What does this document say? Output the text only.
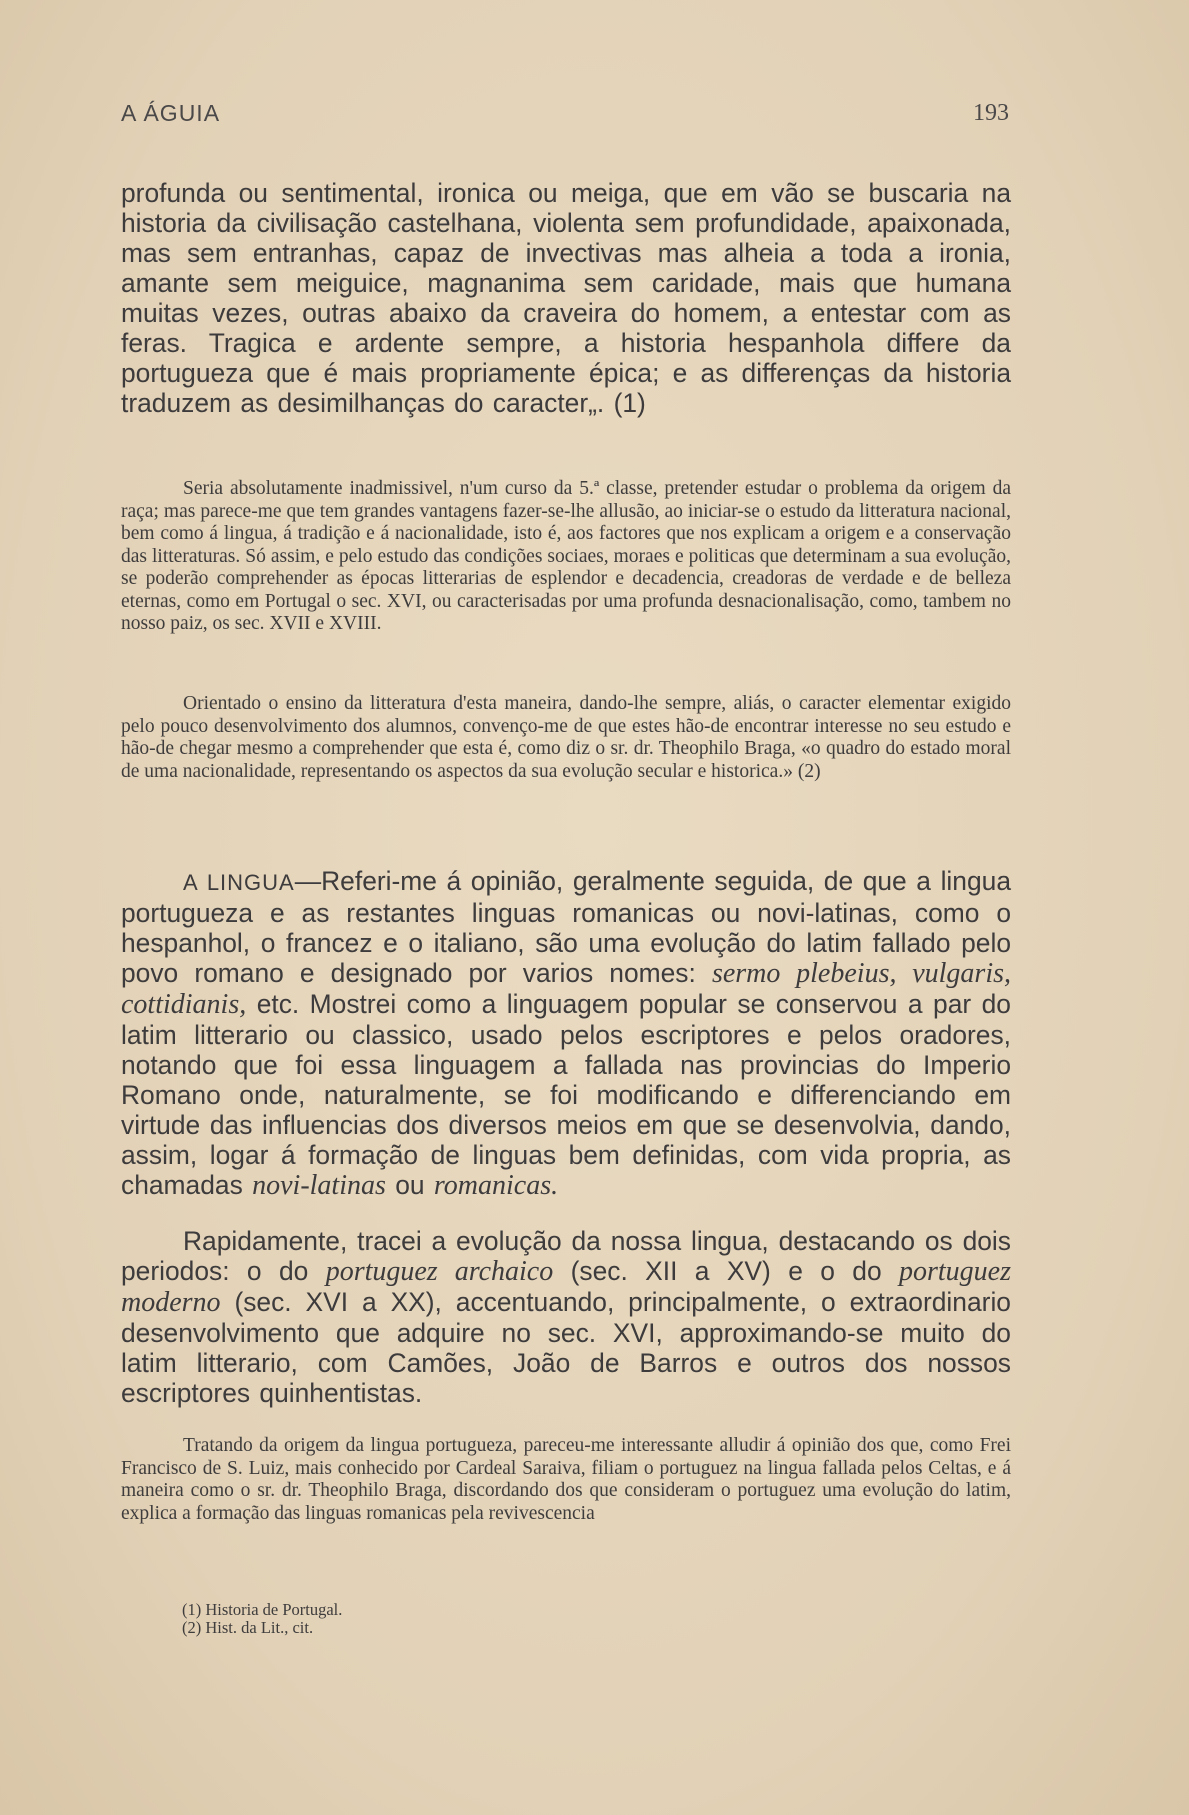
A ÁGUIA	193

profunda ou sentimental, ironica ou meiga, que em vão se buscaria na historia da civilisação castelhana, violenta sem profundidade, apaixonada, mas sem entranhas, capaz de invectivas mas alheia a toda a ironia, amante sem meiguice, magnanima sem caridade, mais que humana muitas vezes, outras abaixo da craveira do homem, a entestar com as feras. Tragica e ardente sempre, a historia hespanhola differe da portugueza que é mais propriamente épica; e as differenças da historia traduzem as desimilhanças do caracter„. (1)

Seria absolutamente inadmissivel, n'um curso da 5.ª classe, pretender estudar o problema da origem da raça; mas parece-me que tem grandes vantagens fazer-se-lhe allusão, ao iniciar-se o estudo da litteratura nacional, bem como á lingua, á tradição e á nacionalidade, isto é, aos factores que nos explicam a origem e a conservação das litteraturas. Só assim, e pelo estudo das condições sociaes, moraes e politicas que determinam a sua evolução, se poderão comprehender as épocas litterarias de esplendor e decadencia, creadoras de verdade e de belleza eternas, como em Portugal o sec. XVI, ou caracterisadas por uma profunda desnacionalisação, como, tambem no nosso paiz, os sec. XVII e XVIII.

Orientado o ensino da litteratura d'esta maneira, dando-lhe sempre, aliás, o caracter elementar exigido pelo pouco desenvolvimento dos alumnos, convenço-me de que estes hão-de encontrar interesse no seu estudo e hão-de chegar mesmo a comprehender que esta é, como diz o sr. dr. Theophilo Braga, «o quadro do estado moral de uma nacionalidade, representando os aspectos da sua evolução secular e historica.» (2)

A LINGUA—Referi-me á opinião, geralmente seguida, de que a lingua portugueza e as restantes linguas romanicas ou novi-latinas, como o hespanhol, o francez e o italiano, são uma evolução do latim fallado pelo povo romano e designado por varios nomes: sermo plebeius, vulgaris, cottidianis, etc. Mostrei como a linguagem popular se conservou a par do latim litterario ou classico, usado pelos escriptores e pelos oradores, notando que foi essa linguagem a fallada nas provincias do Imperio Romano onde, naturalmente, se foi modificando e differenciando em virtude das influencias dos diversos meios em que se desenvolvia, dando, assim, logar á formação de linguas bem definidas, com vida propria, as chamadas novi-latinas ou romanicas.

Rapidamente, tracei a evolução da nossa lingua, destacando os dois periodos: o do portuguez archaico (sec. XII a XV) e o do portuguez moderno (sec. XVI a XX), accentuando, principalmente, o extraordinario desenvolvimento que adquire no sec. XVI, approximando-se muito do latim litterario, com Camões, João de Barros e outros dos nossos escriptores quinhentistas.

Tratando da origem da lingua portugueza, pareceu-me interessante alludir á opinião dos que, como Frei Francisco de S. Luiz, mais conhecido por Cardeal Saraiva, filiam o portuguez na lingua fallada pelos Celtas, e á maneira como o sr. dr. Theophilo Braga, discordando dos que consideram o portuguez uma evolução do latim, explica a formação das linguas romanicas pela revivescencia

(1) Historia de Portugal.
(2) Hist. da Lit., cit.
